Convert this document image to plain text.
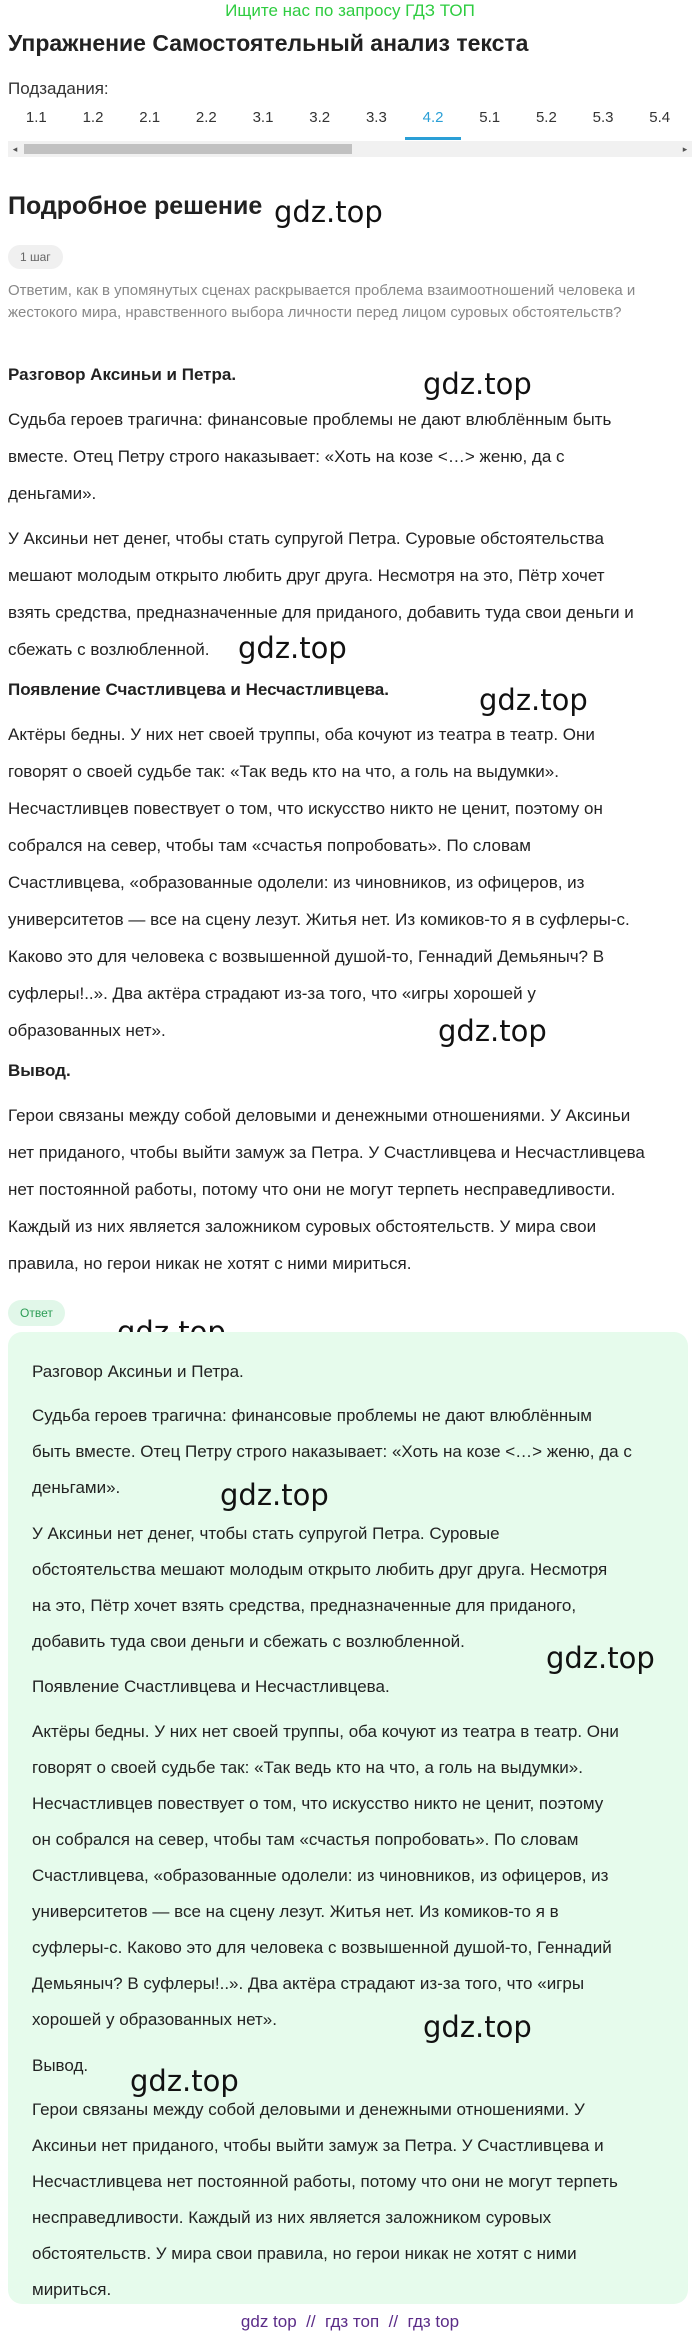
Ищите нас по запросу ГДЗ ТОП
Упражнение Самостоятельный анализ текста
Подзадания:
1.1	1.2	2.1	2.2	3.1	3.2	3.3	4.2	5.1	5.2	5.3	5.4
◂	▸
Подробное решение gdz.top
gdz.top
gdz.top
gdz.top
gdz.top
1 шаг
Ответим, как в упомянутых сценах раскрывается проблема взаимоотношений человека и жестокого мира, нравственного выбора личности перед лицом суровых обстоятельств?
Разговор Аксиньи и Петра.
Судьба героев трагична: финансовые проблемы не дают влюблённым быть
вместе. Отец Петру строго наказывает: «Хоть на козе <…> женю, да с
деньгами».
У Аксиньи нет денег, чтобы стать супругой Петра. Суровые обстоятельства
мешают молодым открыто любить друг друга. Несмотря на это, Пётр хочет
взять средства, предназначенные для приданого, добавить туда свои деньги и
сбежать с возлюбленной.
Появление Счастливцева и Несчастливцева.
Актёры бедны. У них нет своей труппы, оба кочуют из театра в театр. Они
говорят о своей судьбе так: «Так ведь кто на что, а голь на выдумки».
Несчастливцев повествует о том, что искусство никто не ценит, поэтому он
собрался на север, чтобы там «счастья попробовать». По словам
Счастливцева, «образованные одолели: из чиновников, из офицеров, из
университетов — все на сцену лезут. Житья нет. Из комиков-то я в суфлеры-с.
Каково это для человека с возвышенной душой-то, Геннадий Демьяныч? В
суфлеры!..». Два актёра страдают из-за того, что «игры хорошей у
образованных нет».
Вывод.
Герои связаны между собой деловыми и денежными отношениями. У Аксиньи
нет приданого, чтобы выйти замуж за Петра. У Счастливцева и Несчастливцева
нет постоянной работы, потому что они не могут терпеть несправедливости.
Каждый из них является заложником суровых обстоятельств. У мира свои
правила, но герои никак не хотят с ними мириться.
Ответ
gdz.top
gdz.top
gdz.top
gdz.top
Разговор Аксиньи и Петра.
Судьба героев трагична: финансовые проблемы не дают влюблённым
быть вместе. Отец Петру строго наказывает: «Хоть на козе <…> женю, да с
деньгами».
У Аксиньи нет денег, чтобы стать супругой Петра. Суровые
обстоятельства мешают молодым открыто любить друг друга. Несмотря
на это, Пётр хочет взять средства, предназначенные для приданого,
добавить туда свои деньги и сбежать с возлюбленной.
Появление Счастливцева и Несчастливцева.
Актёры бедны. У них нет своей труппы, оба кочуют из театра в театр. Они
говорят о своей судьбе так: «Так ведь кто на что, а голь на выдумки».
Несчастливцев повествует о том, что искусство никто не ценит, поэтому
он собрался на север, чтобы там «счастья попробовать». По словам
Счастливцева, «образованные одолели: из чиновников, из офицеров, из
университетов — все на сцену лезут. Житья нет. Из комиков-то я в
суфлеры-с. Каково это для человека с возвышенной душой-то, Геннадий
Демьяныч? В суфлеры!..». Два актёра страдают из-за того, что «игры
хорошей у образованных нет».
Вывод.
Герои связаны между собой деловыми и денежными отношениями. У
Аксиньи нет приданого, чтобы выйти замуж за Петра. У Счастливцева и
Несчастливцева нет постоянной работы, потому что они не могут терпеть
несправедливости. Каждый из них является заложником суровых
обстоятельств. У мира свои правила, но герои никак не хотят с ними
мириться.
gdz top // гдз топ // гдз top
